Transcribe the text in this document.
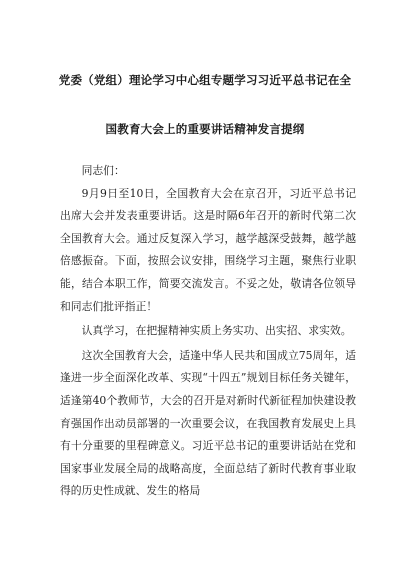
党委（党组）理论学习中心组专题学习习近平总书记在全
国教育大会上的重要讲话精神发言提纲

同志们：

9月9日至10日，全国教育大会在京召开，习近平总书记出席大会并发表重要讲话。这是时隔6年召开的新时代第二次全国教育大会。通过反复深入学习，越学越深受鼓舞，越学越倍感振奋。下面，按照会议安排，围绕学习主题，聚焦行业职能，结合本职工作，简要交流发言。不妥之处，敬请各位领导和同志们批评指正！

认真学习，在把握精神实质上务实功、出实招、求实效。

这次全国教育大会，适逢中华人民共和国成立75周年，适逢进一步全面深化改革、实现“十四五”规划目标任务关键年，适逢第40个教师节，大会的召开是对新时代新征程加快建设教育强国作出动员部署的一次重要会议，在我国教育发展史上具有十分重要的里程碑意义。习近平总书记的重要讲话站在党和国家事业发展全局的战略高度，全面总结了新时代教育事业取得的历史性成就、发生的格局
